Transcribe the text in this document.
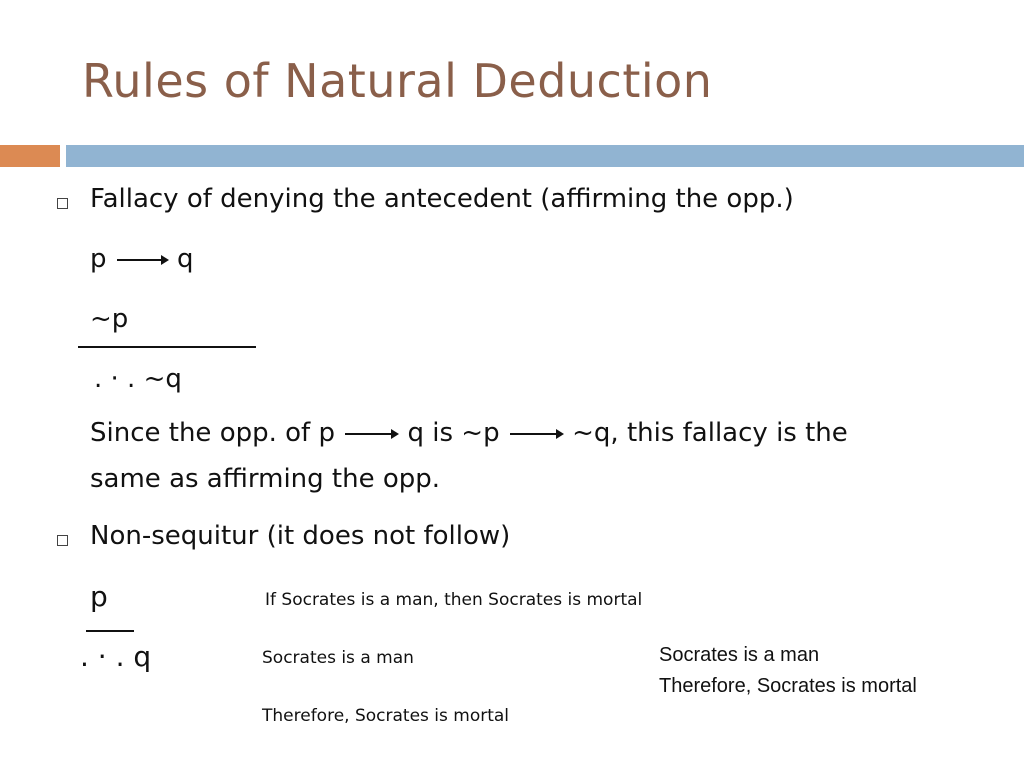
Rules of Natural Deduction
Fallacy of denying the antecedent (affirming the opp.)
p	q
~p
. · . ~q
Since the opp. of p	q is ~p	~q, this fallacy is the
same as affirming the opp.
Non-sequitur (it does not follow)
p
. · . q
If Socrates is a man, then Socrates is mortal
Socrates is a man
Therefore, Socrates is mortal
Socrates is a man
Therefore, Socrates is mortal
